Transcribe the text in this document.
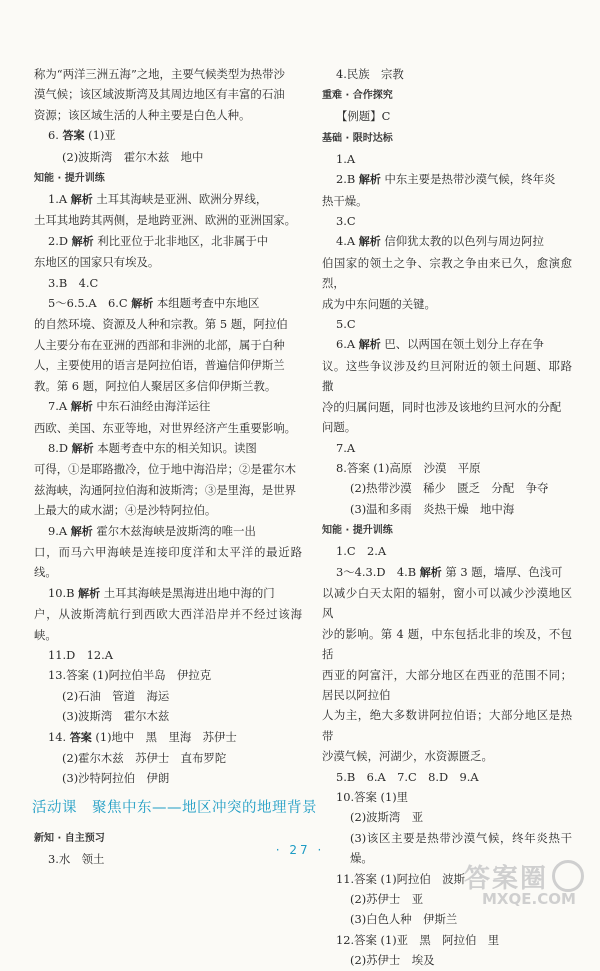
称为“两洋三洲五海”之地，主要气候类型为热带沙

漠气候；该区域波斯湾及其周边地区有丰富的石油

资源；该区域生活的人种主要是白色人种。

6. 答案 (1)亚

(2)波斯湾　霍尔木兹　地中

知能 · 提升训练

1.A 解析 土耳其海峡是亚洲、欧洲分界线，

土耳其地跨其两侧，是地跨亚洲、欧洲的亚洲国家。

2.D 解析 利比亚位于北非地区，北非属于中

东地区的国家只有埃及。

3.B　4.C

5～6.5.A　6.C 解析 本组题考查中东地区

的自然环境、资源及人种和宗教。第 5 题，阿拉伯

人主要分布在亚洲的西部和非洲的北部，属于白种

人，主要使用的语言是阿拉伯语，普遍信仰伊斯兰

教。第 6 题，阿拉伯人聚居区多信仰伊斯兰教。

7.A 解析 中东石油经由海洋运往

西欧、美国、东亚等地，对世界经济产生重要影响。

8.D 解析 本题考查中东的相关知识。读图

可得，①是耶路撒冷，位于地中海沿岸；②是霍尔木

兹海峡，沟通阿拉伯海和波斯湾；③是里海，是世界

上最大的咸水湖；④是沙特阿拉伯。

9.A 解析 霍尔木兹海峡是波斯湾的唯一出

口，而马六甲海峡是连接印度洋和太平洋的最近路线。

10.B 解析 土耳其海峡是黑海进出地中海的门

户，从波斯湾航行到西欧大西洋沿岸并不经过该海峡。

11.D　12.A

13.答案 (1)阿拉伯半岛　伊拉克

(2)石油　管道　海运

(3)波斯湾　霍尔木兹

14. 答案 (1)地中　黑　里海　苏伊士

(2)霍尔木兹　苏伊士　直布罗陀

(3)沙特阿拉伯　伊朗

活动课　聚焦中东——地区冲突的地理背景

新知 · 自主预习

3.水　领土

4.民族　宗教

重难 · 合作探究

【例题】C

基础 · 限时达标

1.A

2.B 解析 中东主要是热带沙漠气候，终年炎

热干燥。

3.C

4.A 解析 信仰犹太教的以色列与周边阿拉

伯国家的领土之争、宗教之争由来已久，愈演愈烈，

成为中东问题的关键。

5.C

6.A 解析 巴、以两国在领土划分上存在争

议。这些争议涉及约旦河附近的领土问题、耶路撒

冷的归属问题，同时也涉及该地约旦河水的分配

问题。

7.A

8.答案 (1)高原　沙漠　平原

(2)热带沙漠　稀少　匮乏　分配　争夺

(3)温和多雨　炎热干燥　地中海

知能 · 提升训练

1.C　2.A

3～4.3.D　4.B 解析 第 3 题，墙厚、色浅可

以减少白天太阳的辐射，窗小可以减少沙漠地区风

沙的影响。第 4 题，中东包括北非的埃及，不包括

西亚的阿富汗，大部分地区在西亚的范围不同；居民以阿拉伯

人为主，绝大多数讲阿拉伯语；大部分地区是热带

沙漠气候，河湖少，水资源匮乏。

5.B　6.A　7.C　8.D　9.A

10.答案 (1)里

(2)波斯湾　亚

(3)该区主要是热带沙漠气候，终年炎热干燥。

11.答案 (1)阿拉伯　波斯

(2)苏伊士　亚

(3)白色人种　伊斯兰

12.答案 (1)亚　黑　阿拉伯　里

(2)苏伊士　埃及

· 27 ·
答案圈
MXQE.COM
